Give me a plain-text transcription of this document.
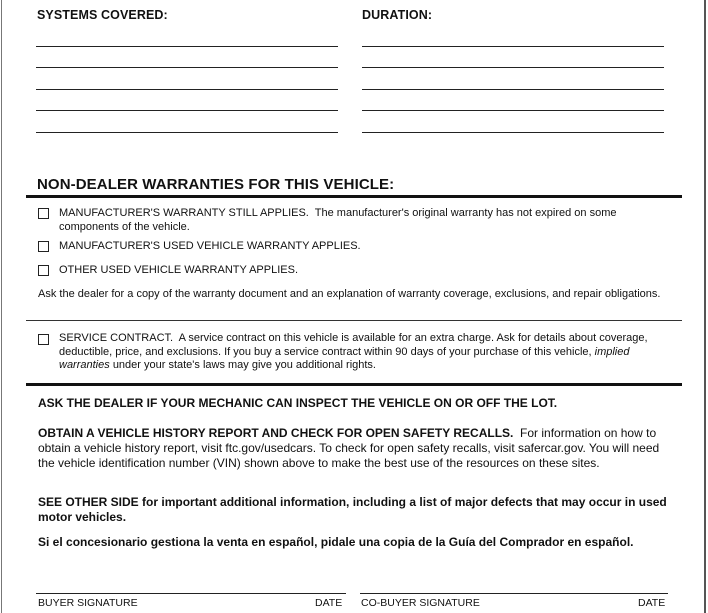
SYSTEMS COVERED:	DURATION:
NON-DEALER WARRANTIES FOR THIS VEHICLE:
MANUFACTURER'S WARRANTY STILL APPLIES. The manufacturer's original warranty has not expired on some components of the vehicle.
MANUFACTURER'S USED VEHICLE WARRANTY APPLIES.
OTHER USED VEHICLE WARRANTY APPLIES.
Ask the dealer for a copy of the warranty document and an explanation of warranty coverage, exclusions, and repair obligations.
SERVICE CONTRACT. A service contract on this vehicle is available for an extra charge. Ask for details about coverage, deductible, price, and exclusions. If you buy a service contract within 90 days of your purchase of this vehicle, implied warranties under your state's laws may give you additional rights.
ASK THE DEALER IF YOUR MECHANIC CAN INSPECT THE VEHICLE ON OR OFF THE LOT.
OBTAIN A VEHICLE HISTORY REPORT AND CHECK FOR OPEN SAFETY RECALLS. For information on how to obtain a vehicle history report, visit ftc.gov/usedcars. To check for open safety recalls, visit safercar.gov. You will need the vehicle identification number (VIN) shown above to make the best use of the resources on these sites.
SEE OTHER SIDE for important additional information, including a list of major defects that may occur in used motor vehicles.
Si el concesionario gestiona la venta en español, pidale una copia de la Guía del Comprador en español.
BUYER SIGNATURE	DATE CO-BUYER SIGNATURE	DATE
